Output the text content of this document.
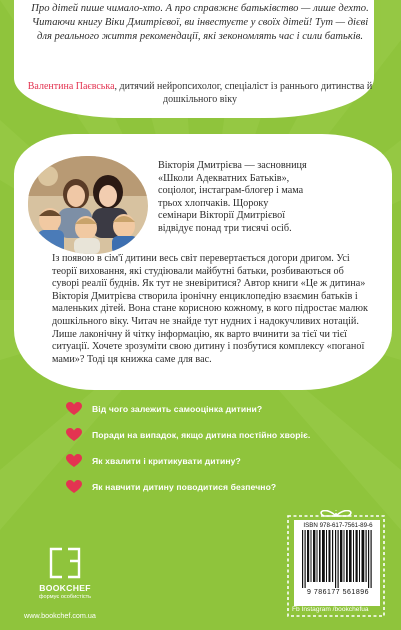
Про дітей пише чимало-хто. А про справжнє батьківство — лише дехто. Читаючи книгу Віки Дмитрієвої, ви інвестуєте у своїх дітей! Тут — дієві для реального життя рекомендації, які зекономлять час і сили батьків.
Валентина Паєвська, дитячий нейропсихолог, спеціаліст із раннього дитинства й дошкільного віку

Вікторія Дмитрієва — засновниця «Школи Адекватних Батьків», соціолог, інстаграм-блогер і мама трьох хлопчаків. Щороку семінари Вікторії Дмитрієвої відвідує понад три тисячі осіб.

Із появою в сім'ї дитини весь світ перевертається догори дригом. Усі теорії виховання, які студіювали майбутні батьки, розбиваються об суворі реалії буднів. Як тут не зневіритися? Автор книги «Це ж дитина» Вікторія Дмитрієва створила іронічну енциклопедію взаємин батьків і маленьких дітей. Вона стане корисною кожному, в кого підростає малюк дошкільного віку. Читач не знайде тут нудних і надокучливих нотацій. Лише лаконічну й чітку інформацію, як варто вчинити за тієї чи тієї ситуації. Хочете зрозуміти свою дитину і позбутися комплексу «поганої мами»? Тоді ця книжка саме для вас.
Від чого залежить самооцінка дитини?
Поради на випадок, якщо дитина постійно хворіє.
Як хвалити і критикувати дитину?
Як навчити дитину поводитися безпечно?
ISBN 978-617-7561-89-6
9 786177 561896
Fb Instagram /bookchefua
BOOKCHEF
формує особистість
www.bookchef.com.ua
